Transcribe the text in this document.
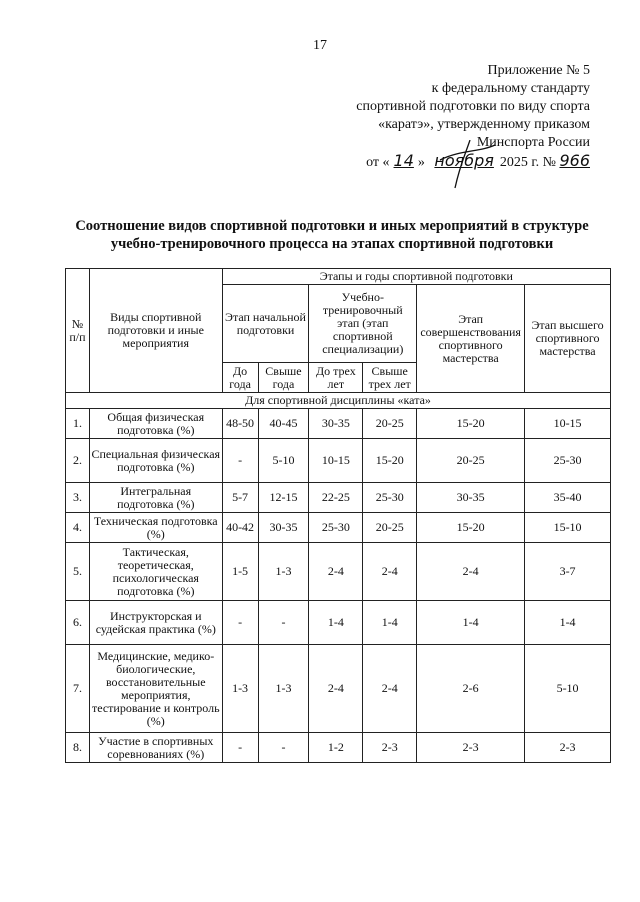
17
Приложение № 5
к федеральному стандарту
спортивной подготовки по виду спорта
«каратэ», утвержденному приказом
Минспорта России
от « 14 » ноября 2025 г. № 966
Соотношение видов спортивной подготовки и иных мероприятий в структуре
учебно-тренировочного процесса на этапах спортивной подготовки
№ п/п	Виды спортивной подготовки и иные мероприятия	Этапы и годы спортивной подготовки					
		Этап начальной подготовки		Учебно-тренировочный этап (этап спортивной специализации)		Этап совершенствования спортивного мастерства	Этап высшего спортивного мастерства
		До года	Свыше года	До трех лет	Свыше трех лет		
Для спортивной дисциплины «ката»							
1.	Общая физическая подготовка (%)	48-50	40-45	30-35	20-25	15-20	10-15
2.	Специальная физическая подготовка (%)	-	5-10	10-15	15-20	20-25	25-30
3.	Интегральная подготовка (%)	5-7	12-15	22-25	25-30	30-35	35-40
4.	Техническая подготовка (%)	40-42	30-35	25-30	20-25	15-20	15-10
5.	Тактическая, теоретическая, психологическая подготовка (%)	1-5	1-3	2-4	2-4	2-4	3-7
6.	Инструкторская и судейская практика (%)	-	-	1-4	1-4	1-4	1-4
7.	Медицинские, медико-биологические, восстановительные мероприятия, тестирование и контроль (%)	1-3	1-3	2-4	2-4	2-6	5-10
8.	Участие в спортивных соревнованиях (%)	-	-	1-2	2-3	2-3	2-3
